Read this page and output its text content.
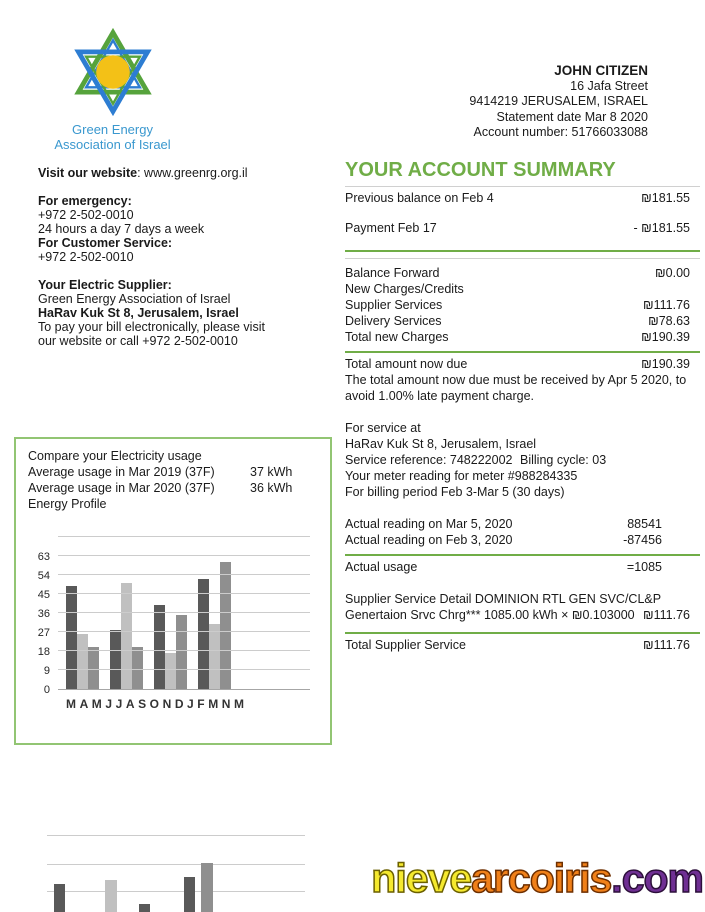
Green Energy
Association of Israel
JOHN CITIZEN
16 Jafa Street
9414219 JERUSALEM, ISRAEL
Statement date Mar 8 2020
Account number: 51766033088
Visit our website: www.greenrg.org.il
For emergency:
+972 2-502-0010
24 hours a day 7 days a week
For Customer Service:
+972 2-502-0010
Your Electric Supplier:
Green Energy Association of Israel
HaRav Kuk St 8, Jerusalem, Israel
To pay your bill electronically, please visit
our website or call +972 2-502-0010
YOUR ACCOUNT SUMMARY
Previous balance on Feb 4	₪181.55
Payment Feb 17	- ₪181.55
Balance Forward	₪0.00
New Charges/Credits
Supplier Services	₪111.76
Delivery Services	₪78.63
Total new Charges	₪190.39
Total amount now due	₪190.39
The total amount now due must be received by Apr 5 2020, to avoid 1.00% late payment charge.
For service at
HaRav Kuk St 8, Jerusalem, Israel
Service reference: 748222002 Billing cycle: 03
Your meter reading for meter #988284335
For billing period Feb 3-Mar 5 (30 days)
Actual reading on Mar 5, 2020	88541
Actual reading on Feb 3, 2020	-87456
Actual usage	=1085
Supplier Service Detail DOMINION RTL GEN SVC/CL&P
Genertaion Srvc Chrg*** 1085.00 kWh × ₪0.103000 ₪111.76
Total Supplier Service	₪111.76
Compare your Electricity usage
Average usage in Mar 2019 (37F)	37 kWh
Average usage in Mar 2020 (37F)	36 kWh
Energy Profile
0
9
18
27
36
45
54
63
M A M J J A S O N D J F M N M
nievearcoiris.com
